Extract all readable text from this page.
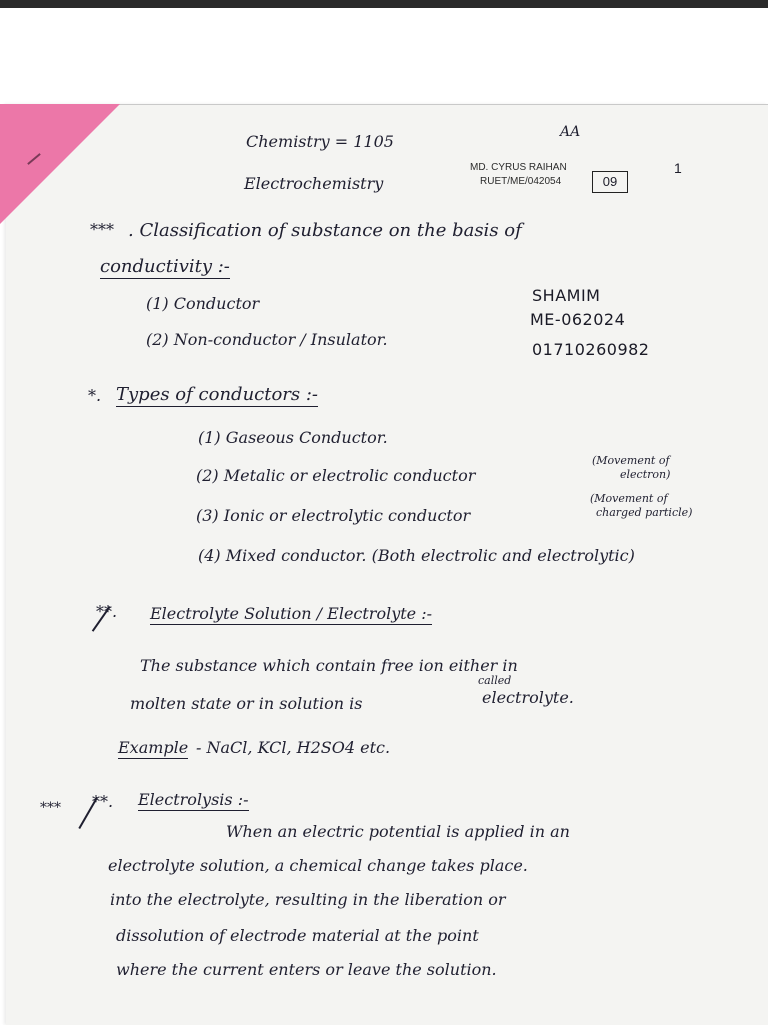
Chemistry = 1105	AA
Electrochemistry
MD. CYRUS RAIHAN
RUET/ME/042054	09
1
*** . Classification of substance on the basis of
conductivity :-
(1) Conductor
(2) Non-conductor / Insulator.
SHAMIM
ME-062024
01710260982
*. Types of conductors :-
(1) Gaseous Conductor.
(2) Metalic or electrolic conductor
(Movement of
electron)
(3) Ionic or electrolytic conductor
(Movement of
charged particle)
(4) Mixed conductor. (Both electrolic and electrolytic)
**. Electrolyte Solution / Electrolyte :-
The substance which contain free ion either in
molten state or in solution is
called
electrolyte.
Example - NaCl, KCl, H2SO4 etc.
*** **. Electrolysis :-
When an electric potential is applied in an
electrolyte solution, a chemical change takes place.
into the electrolyte, resulting in the liberation or
dissolution of electrode material at the point
where the current enters or leave the solution.
